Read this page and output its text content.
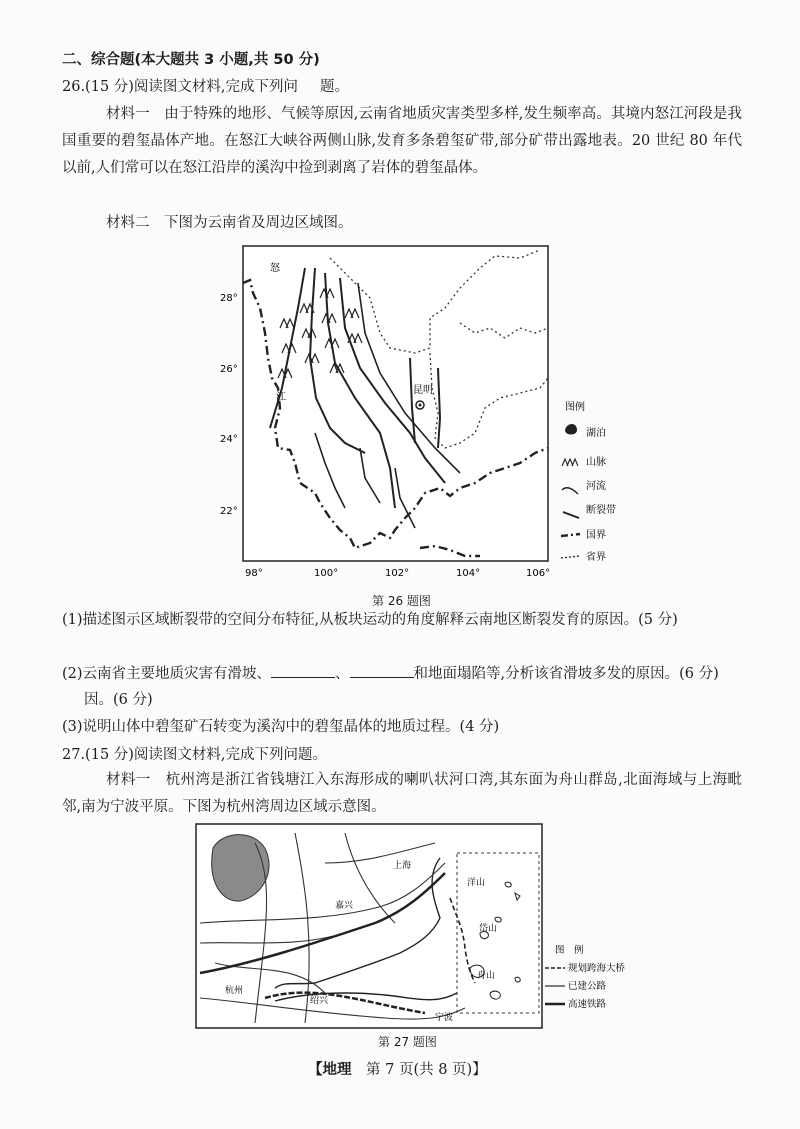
二、综合题(本大题共 3 小题,共 50 分)
26.(15 分)阅读图文材料,完成下列问 题。
材料一　由于特殊的地形、气候等原因,云南省地质灾害类型多样,发生频率高。其境内怒江河段是我国重要的碧玺晶体产地。在怒江大峡谷两侧山脉,发育多条碧玺矿带,部分矿带出露地表。20 世纪 80 年代以前,人们常可以在怒江沿岸的溪沟中捡到剥离了岩体的碧玺晶体。
材料二　下图为云南省及周边区域图。
昆明
怒
江
28°
26°
24°
22°
98°	100°	102°	104°	106°
图例
湖泊
山脉
河流
断裂带
国界
省界
第 26 题图
(1)描述图示区域断裂带的空间分布特征,从板块运动的角度解释云南地区断裂发育的原因。(5 分)
(2)云南省主要地质灾害有滑坡、	、	和地面塌陷等,分析该省滑坡多发的原因。(6 分)
因。(6 分)
(3)说明山体中碧玺矿石转变为溪沟中的碧玺晶体的地质过程。(4 分)
27.(15 分)阅读图文材料,完成下列问题。
材料一　杭州湾是浙江省钱塘江入东海形成的喇叭状河口湾,其东面为舟山群岛,北面海域与上海毗邻,南为宁波平原。下图为杭州湾周边区域示意图。
上海
洋山
嘉兴
岱山
舟山
杭州
绍兴
宁波
图　例
规划跨海大桥
已建公路
高速铁路
第 27 题图
【地理　 第 7 页(共 8 页)】
